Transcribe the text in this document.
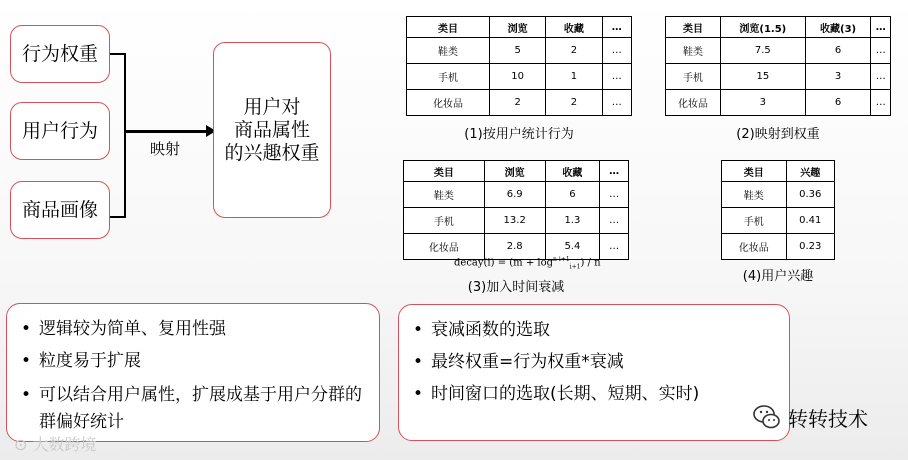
行为权重
用户行为
商品画像
映射
用户对
商品属性
的兴趣权重
类目	浏览	收藏	…
鞋类	5	2	…
手机	10	1	…
化妆品	2	2	…
(1)按用户统计行为
类目	浏览(1.5)	收藏(3)	…
鞋类	7.5	6	…
手机	15	3	…
化妆品	3	6	…
(2)映射到权重
类目	浏览	收藏	…
鞋类	6.9	6	…
手机	13.2	1.3	…
化妆品	2.8	5.4	…
decay(i) = $(m + \log^{n-i+1}_{i+1}) / n$
(3)加入时间衰减
类目	兴趣
鞋类	0.36
手机	0.41
化妆品	0.23
(4)用户兴趣
• 逻辑较为简单、复用性强
• 粒度易于扩展
• 可以结合用户属性，扩展成基于用户分群的群偏好统计
• 衰减函数的选取
• 最终权重=行为权重*衰减
• 时间窗口的选取(长期、短期、实时)
⊙ 大数跨境
转转技术
